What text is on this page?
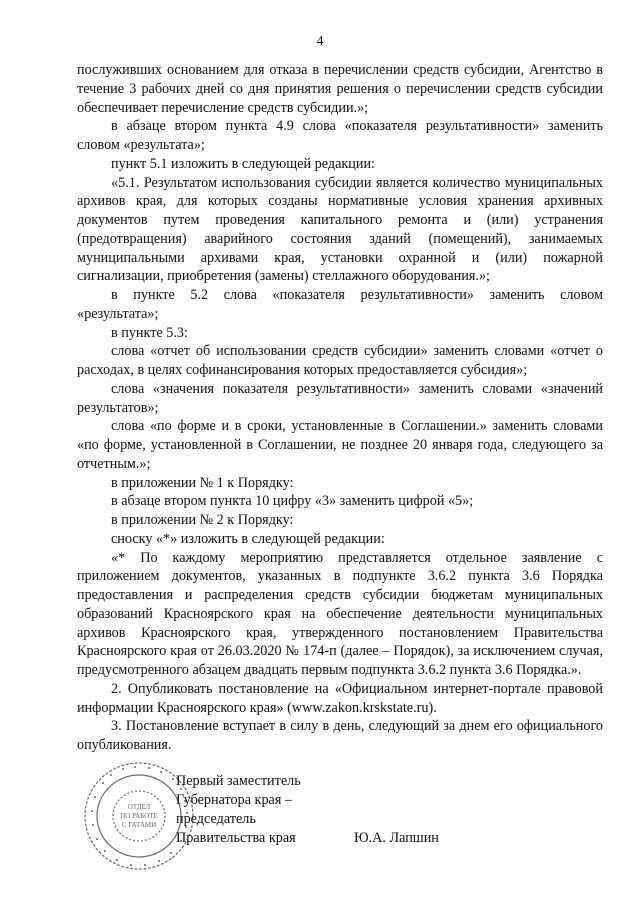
4

послуживших основанием для отказа в перечислении средств субсидии, Агентство в течение 3 рабочих дней со дня принятия решения о перечислении средств субсидии обеспечивает перечисление средств субсидии.»;

в абзаце втором пункта 4.9 слова «показателя результативности» заменить словом «результата»;

пункт 5.1 изложить в следующей редакции:

«5.1. Результатом использования субсидии является количество муниципальных архивов края, для которых созданы нормативные условия хранения архивных документов путем проведения капитального ремонта и (или) устранения (предотвращения) аварийного состояния зданий (помещений), занимаемых муниципальными архивами края, установки охранной и (или) пожарной сигнализации, приобретения (замены) стеллажного оборудования.»;

в пункте 5.2 слова «показателя результативности» заменить словом «результата»;

в пункте 5.3:

слова «отчет об использовании средств субсидии» заменить словами «отчет о расходах, в целях софинансирования которых предоставляется субсидия»;

слова «значения показателя результативности» заменить словами «значений результатов»;

слова «по форме и в сроки, установленные в Соглашении.» заменить словами «по форме, установленной в Соглашении, не позднее 20 января года, следующего за отчетным.»;

в приложении № 1 к Порядку:

в абзаце втором пункта 10 цифру «3» заменить цифрой «5»;

в приложении № 2 к Порядку:

сноску «*» изложить в следующей редакции:

«* По каждому мероприятию представляется отдельное заявление с приложением документов, указанных в подпункте 3.6.2 пункта 3.6 Порядка предоставления и распределения средств субсидии бюджетам муниципальных образований Красноярского края на обеспечение деятельности муниципальных архивов Красноярского края, утвержденного постановлением Правительства Красноярского края от 26.03.2020 № 174-п (далее – Порядок), за исключением случая, предусмотренного абзацем двадцать первым подпункта 3.6.2 пункта 3.6 Порядка.».

2. Опубликовать постановление на «Официальном интернет-портале правовой информации Красноярского края» (www.zakon.krskstate.ru).

3. Постановление вступает в силу в день, следующий за днем его официального опубликования.

ОТДЕЛ
ПО РАБОТЕ
С ГАТАМИ
Первый заместитель
Губернатора края –
председатель
Правительства края	Ю.А. Лапшин
